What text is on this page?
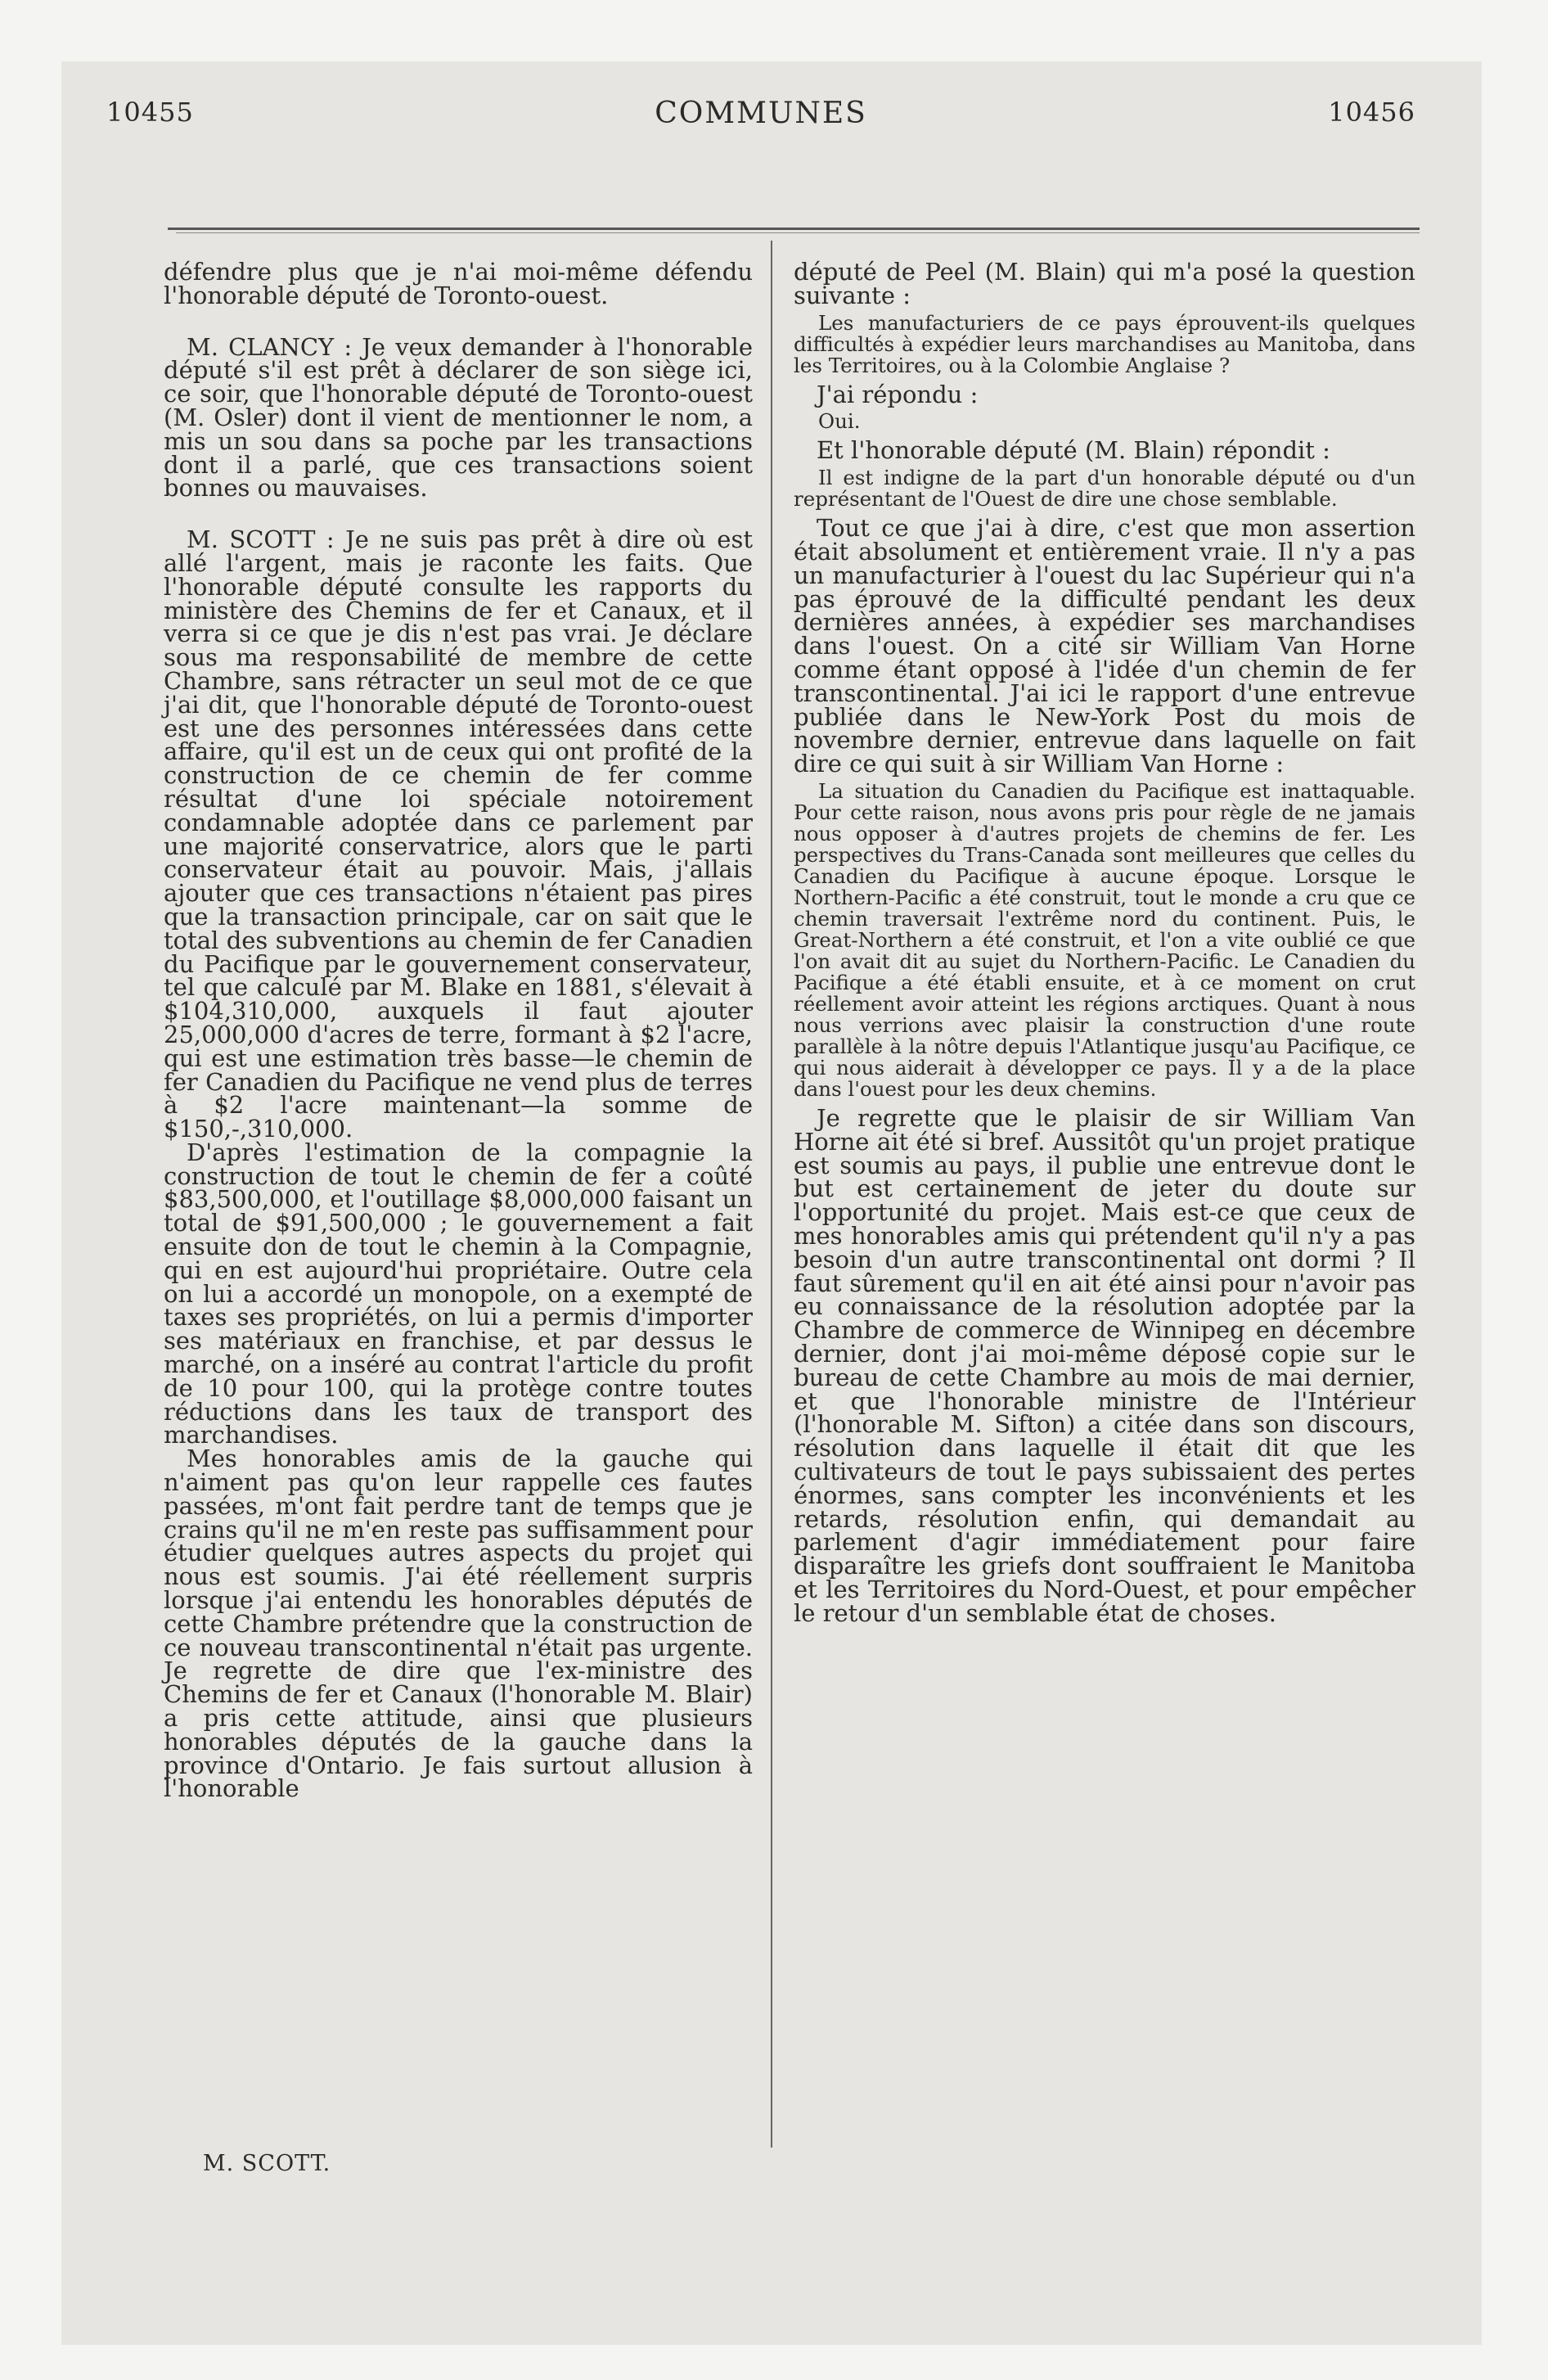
10455	COMMUNES	10456

défendre plus que je n'ai moi-même défendu l'honorable député de Toronto-ouest.

M. CLANCY : Je veux demander à l'honorable député s'il est prêt à déclarer de son siège ici, ce soir, que l'honorable député de Toronto-ouest (M. Osler) dont il vient de mentionner le nom, a mis un sou dans sa poche par les transactions dont il a parlé, que ces transactions soient bonnes ou mauvaises.

M. SCOTT : Je ne suis pas prêt à dire où est allé l'argent, mais je raconte les faits. Que l'honorable député consulte les rapports du ministère des Chemins de fer et Canaux, et il verra si ce que je dis n'est pas vrai. Je déclare sous ma responsabilité de membre de cette Chambre, sans rétracter un seul mot de ce que j'ai dit, que l'honorable député de Toronto-ouest est une des personnes intéressées dans cette affaire, qu'il est un de ceux qui ont profité de la construction de ce chemin de fer comme résultat d'une loi spéciale notoirement condamnable adoptée dans ce parlement par une majorité conservatrice, alors que le parti conservateur était au pouvoir. Mais, j'allais ajouter que ces transactions n'étaient pas pires que la transaction principale, car on sait que le total des subventions au chemin de fer Canadien du Pacifique par le gouvernement conservateur, tel que calculé par M. Blake en 1881, s'élevait à $104,310,000, auxquels il faut ajouter 25,000,000 d'acres de terre, formant à $2 l'acre, qui est une estimation très basse—le chemin de fer Canadien du Pacifique ne vend plus de terres à $2 l'acre maintenant—la somme de $150,-,310,000.

D'après l'estimation de la compagnie la construction de tout le chemin de fer a coûté $83,500,000, et l'outillage $8,000,000 faisant un total de $91,500,000 ; le gouvernement a fait ensuite don de tout le chemin à la Compagnie, qui en est aujourd'hui propriétaire. Outre cela on lui a accordé un monopole, on a exempté de taxes ses propriétés, on lui a permis d'importer ses matériaux en franchise, et par dessus le marché, on a inséré au contrat l'article du profit de 10 pour 100, qui la protège contre toutes réductions dans les taux de transport des marchandises.

Mes honorables amis de la gauche qui n'aiment pas qu'on leur rappelle ces fautes passées, m'ont fait perdre tant de temps que je crains qu'il ne m'en reste pas suffisamment pour étudier quelques autres aspects du projet qui nous est soumis. J'ai été réellement surpris lorsque j'ai entendu les honorables députés de cette Chambre prétendre que la construction de ce nouveau transcontinental n'était pas urgente. Je regrette de dire que l'ex-ministre des Chemins de fer et Canaux (l'honorable M. Blair) a pris cette attitude, ainsi que plusieurs honorables députés de la gauche dans la province d'Ontario. Je fais surtout allusion à l'honorable

député de Peel (M. Blain) qui m'a posé la question suivante :

Les manufacturiers de ce pays éprouvent-ils quelques difficultés à expédier leurs marchandises au Manitoba, dans les Territoires, ou à la Colombie Anglaise ?

J'ai répondu :

Oui.

Et l'honorable député (M. Blain) répondit :

Il est indigne de la part d'un honorable député ou d'un représentant de l'Ouest de dire une chose semblable.

Tout ce que j'ai à dire, c'est que mon assertion était absolument et entièrement vraie. Il n'y a pas un manufacturier à l'ouest du lac Supérieur qui n'a pas éprouvé de la difficulté pendant les deux dernières années, à expédier ses marchandises dans l'ouest. On a cité sir William Van Horne comme étant opposé à l'idée d'un chemin de fer transcontinental. J'ai ici le rapport d'une entrevue publiée dans le New-York Post du mois de novembre dernier, entrevue dans laquelle on fait dire ce qui suit à sir William Van Horne :

La situation du Canadien du Pacifique est inattaquable. Pour cette raison, nous avons pris pour règle de ne jamais nous opposer à d'autres projets de chemins de fer. Les perspectives du Trans-Canada sont meilleures que celles du Canadien du Pacifique à aucune époque. Lorsque le Northern-Pacific a été construit, tout le monde a cru que ce chemin traversait l'extrême nord du continent. Puis, le Great-Northern a été construit, et l'on a vite oublié ce que l'on avait dit au sujet du Northern-Pacific. Le Canadien du Pacifique a été établi ensuite, et à ce moment on crut réellement avoir atteint les régions arctiques. Quant à nous nous verrions avec plaisir la construction d'une route parallèle à la nôtre depuis l'Atlantique jusqu'au Pacifique, ce qui nous aiderait à développer ce pays. Il y a de la place dans l'ouest pour les deux chemins.

Je regrette que le plaisir de sir William Van Horne ait été si bref. Aussitôt qu'un projet pratique est soumis au pays, il publie une entrevue dont le but est certainement de jeter du doute sur l'opportunité du projet. Mais est-ce que ceux de mes honorables amis qui prétendent qu'il n'y a pas besoin d'un autre transcontinental ont dormi ? Il faut sûrement qu'il en ait été ainsi pour n'avoir pas eu connaissance de la résolution adoptée par la Chambre de commerce de Winnipeg en décembre dernier, dont j'ai moi-même déposé copie sur le bureau de cette Chambre au mois de mai dernier, et que l'honorable ministre de l'Intérieur (l'honorable M. Sifton) a citée dans son discours, résolution dans laquelle il était dit que les cultivateurs de tout le pays subissaient des pertes énormes, sans compter les inconvénients et les retards, résolution enfin, qui demandait au parlement d'agir immédiatement pour faire disparaître les griefs dont souffraient le Manitoba et les Territoires du Nord-Ouest, et pour empêcher le retour d'un semblable état de choses.

M. SCOTT.
